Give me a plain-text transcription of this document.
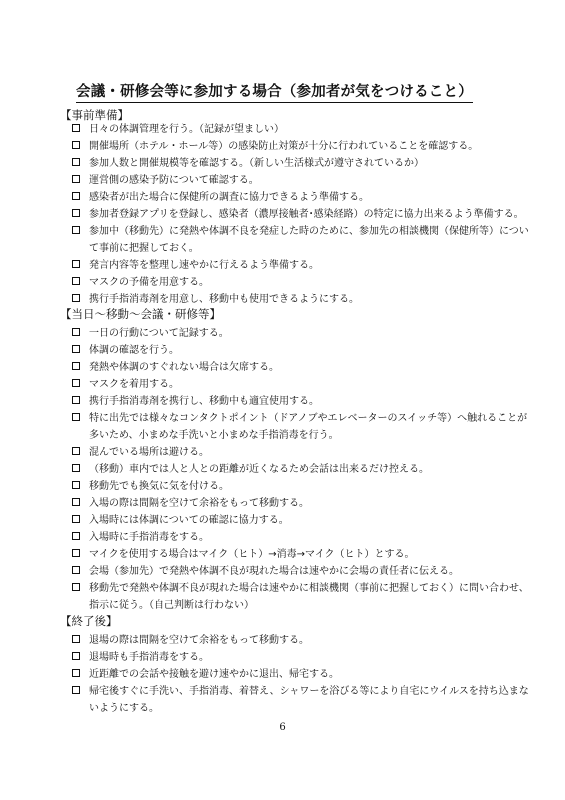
会議・研修会等に参加する場合（参加者が気をつけること）
【事前準備】
日々の体調管理を行う。（記録が望ましい）
開催場所（ホテル・ホール等）の感染防止対策が十分に行われていることを確認する。
参加人数と開催規模等を確認する。（新しい生活様式が遵守されているか）
運営側の感染予防について確認する。
感染者が出た場合に保健所の調査に協力できるよう準備する。
参加者登録アプリを登録し、感染者（濃厚接触者･感染経路）の特定に協力出来るよう準備する。
参加中（移動先）に発熱や体調不良を発症した時のために、参加先の相談機関（保健所等）について事前に把握しておく。
発言内容等を整理し速やかに行えるよう準備する。
マスクの予備を用意する。
携行手指消毒剤を用意し、移動中も使用できるようにする。
【当日～移動～会議・研修等】
一日の行動について記録する。
体調の確認を行う。
発熱や体調のすぐれない場合は欠席する。
マスクを着用する。
携行手指消毒剤を携行し、移動中も適宜使用する。
特に出先では様々なコンタクトポイント（ドアノブやエレベーターのスイッチ等）へ触れることが多いため、小まめな手洗いと小まめな手指消毒を行う。
混んでいる場所は避ける。
（移動）車内では人と人との距離が近くなるため会話は出来るだけ控える。
移動先でも換気に気を付ける。
入場の際は間隔を空けて余裕をもって移動する。
入場時には体調についての確認に協力する。
入場時に手指消毒をする。
マイクを使用する場合はマイク（ヒト）→消毒→マイク（ヒト）とする。
会場（参加先）で発熱や体調不良が現れた場合は速やかに会場の責任者に伝える。
移動先で発熱や体調不良が現れた場合は速やかに相談機関（事前に把握しておく）に問い合わせ、指示に従う。（自己判断は行わない）
【終了後】
退場の際は間隔を空けて余裕をもって移動する。
退場時も手指消毒をする。
近距離での会話や接触を避け速やかに退出、帰宅する。
帰宅後すぐに手洗い、手指消毒、着替え、シャワーを浴びる等により自宅にウイルスを持ち込まないようにする。
6
